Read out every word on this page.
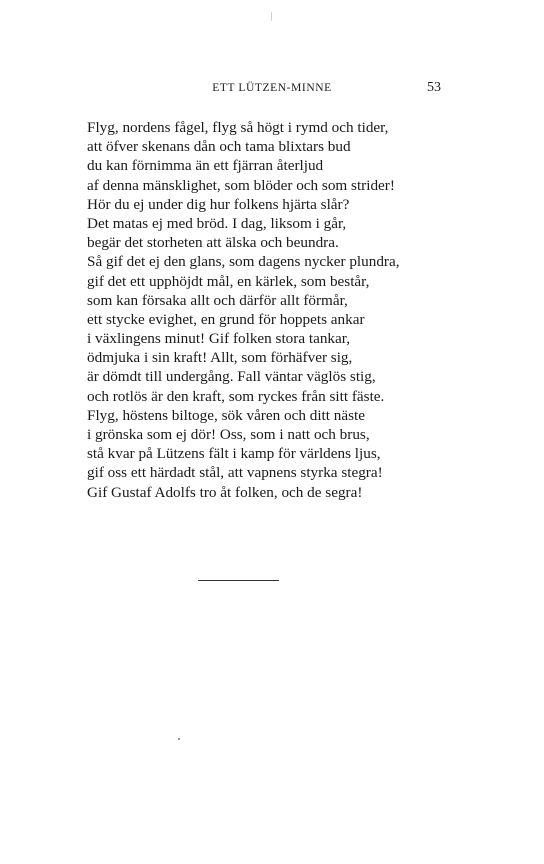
ETT LÜTZEN-MINNE	53
Flyg, nordens fågel, flyg så högt i rymd och tider,
att öfver skenans dån och tama blixtars bud
du kan förnimma än ett fjärran återljud
af denna mänsklighet, som blöder och som strider!
Hör du ej under dig hur folkens hjärta slår?
Det matas ej med bröd. I dag, liksom i går,
begär det storheten att älska och beundra.
Så gif det ej den glans, som dagens nycker plundra,
gif det ett upphöjdt mål, en kärlek, som består,
som kan försaka allt och därför allt förmår,
ett stycke evighet, en grund för hoppets ankar
i växlingens minut! Gif folken stora tankar,
ödmjuka i sin kraft! Allt, som förhäfver sig,
är dömdt till undergång. Fall väntar väglös stig,
och rotlös är den kraft, som ryckes från sitt fäste.
Flyg, höstens biltoge, sök våren och ditt näste
i grönska som ej dör! Oss, som i natt och brus,
stå kvar på Lützens fält i kamp för världens ljus,
gif oss ett härdadt stål, att vapnens styrka stegra!
Gif Gustaf Adolfs tro åt folken, och de segra!
